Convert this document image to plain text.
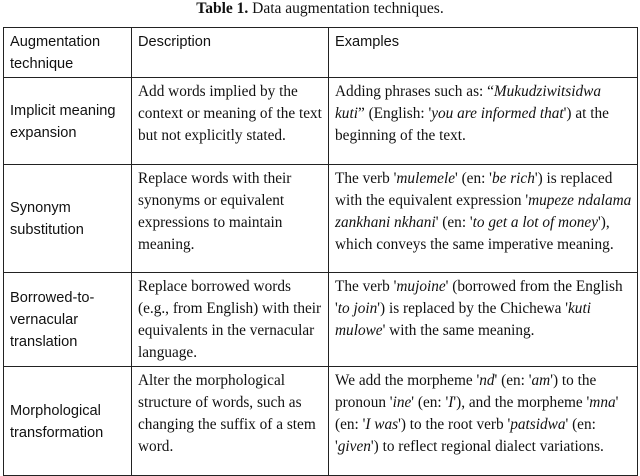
Table 1. Data augmentation techniques.
Augmentation technique	Description	Examples
Implicit meaning expansion	Add words implied by the context or meaning of the text but not explicitly stated.	Adding phrases such as: “Mukudziwitsidwa kuti” (English: 'you are informed that') at the beginning of the text.
Synonym substitution	Replace words with their synonyms or equivalent expressions to maintain meaning.	The verb 'mulemele' (en: 'be rich') is replaced with the equivalent expression 'mupeze ndalama zankhani nkhani' (en: 'to get a lot of money'), which conveys the same imperative meaning.
Borrowed-to-vernacular translation	Replace borrowed words (e.g., from English) with their equivalents in the vernacular language.	The verb 'mujoine' (borrowed from the English 'to join') is replaced by the Chichewa 'kuti mulowe' with the same meaning.
Morphological transformation	Alter the morphological structure of words, such as changing the suffix of a stem word.	We add the morpheme 'nd' (en: 'am') to the pronoun 'ine' (en: 'I'), and the morpheme 'mna' (en: 'I was') to the root verb 'patsidwa' (en: 'given') to reflect regional dialect variations.
